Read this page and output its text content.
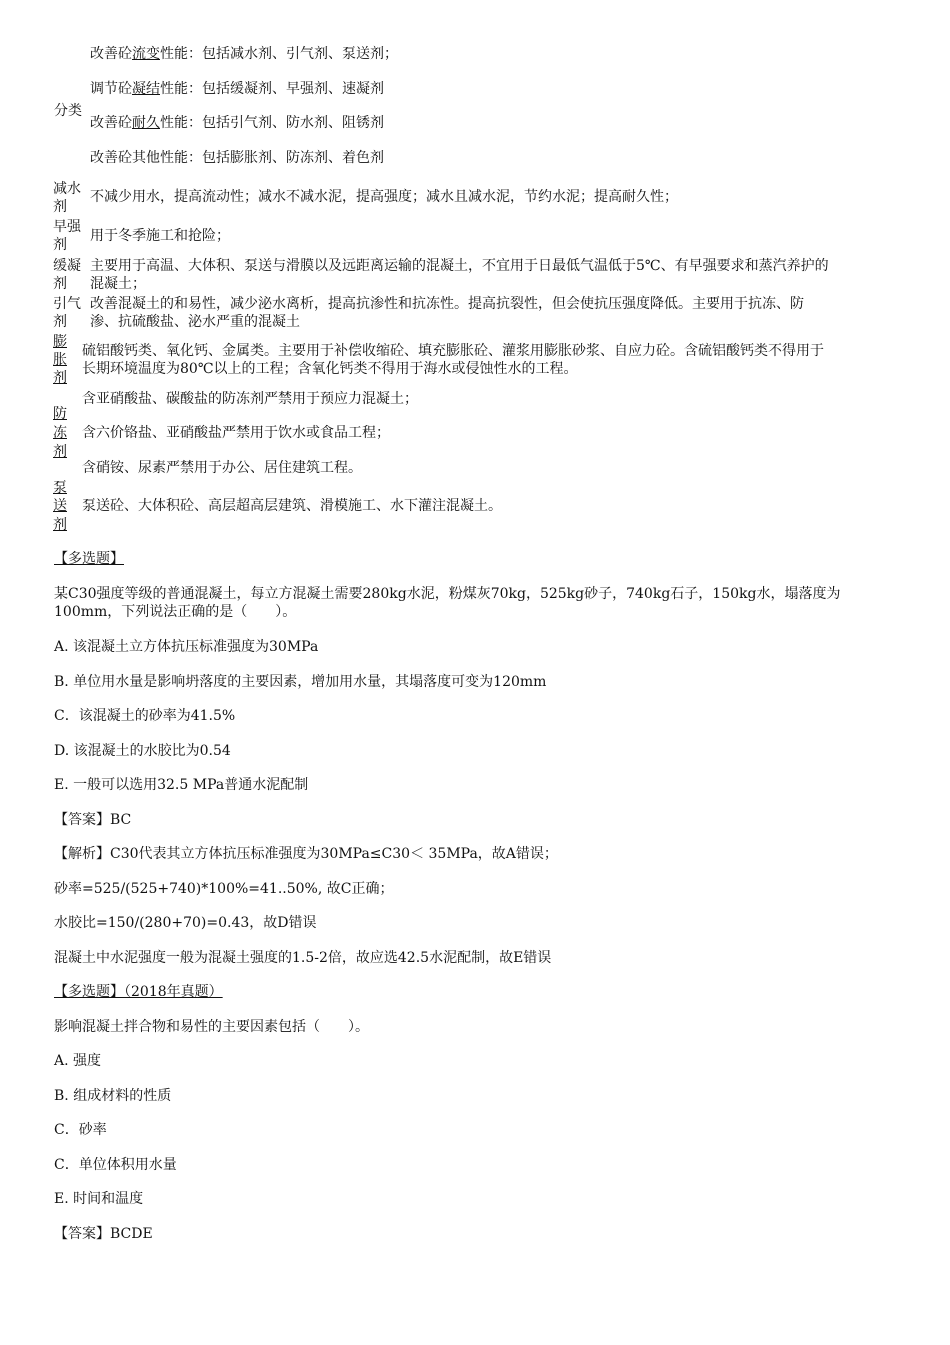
分类
改善砼流变性能：包括减水剂、引气剂、泵送剂；
调节砼凝结性能：包括缓凝剂、早强剂、速凝剂
改善砼耐久性能：包括引气剂、防水剂、阻锈剂
改善砼其他性能：包括膨胀剂、防冻剂、着色剂
减水
剂
不减少用水，提高流动性；减水不减水泥，提高强度；减水且减水泥，节约水泥；提高耐久性；
早强
剂
用于冬季施工和抢险；
缓凝
剂
主要用于高温、大体积、泵送与滑膜以及远距离运输的混凝土，不宜用于日最低气温低于5℃、有早强要求和蒸汽养护的
混凝土；
引气
剂
改善混凝土的和易性，减少泌水离析，提高抗渗性和抗冻性。提高抗裂性，但会使抗压强度降低。主要用于抗冻、防
渗、抗硫酸盐、泌水严重的混凝土
膨
胀
剂
硫铝酸钙类、氧化钙、金属类。主要用于补偿收缩砼、填充膨胀砼、灌浆用膨胀砂浆、自应力砼。含硫铝酸钙类不得用于
长期环境温度为80℃以上的工程；含氧化钙类不得用于海水或侵蚀性水的工程。
防
冻
剂
含亚硝酸盐、碳酸盐的防冻剂严禁用于预应力混凝土；
含六价铬盐、亚硝酸盐严禁用于饮水或食品工程；
含硝铵、尿素严禁用于办公、居住建筑工程。
泵
送
剂
泵送砼、大体积砼、高层超高层建筑、滑模施工、水下灌注混凝土。
【多选题】
某C30强度等级的普通混凝土，每立方混凝土需要280kg水泥，粉煤灰70kg，525kg砂子，740kg石子，150kg水，塌落度为
100mm，下列说法正确的是（　　）。
A. 该混凝土立方体抗压标准强度为30MPa
B. 单位用水量是影响坍落度的主要因素，增加用水量，其塌落度可变为120mm
C．该混凝土的砂率为41.5%
D. 该混凝土的水胶比为0.54
E. 一般可以选用32.5 MPa普通水泥配制
【答案】BC
【解析】C30代表其立方体抗压标准强度为30MPa≤C30＜ 35MPa，故A错误；
砂率=525/(525+740)*100%=41..50%, 故C正确；
水胶比=150/(280+70)=0.43，故D错误
混凝土中水泥强度一般为混凝土强度的1.5-2倍，故应选42.5水泥配制，故E错误
【多选题】（2018年真题）
影响混凝土拌合物和易性的主要因素包括（　　）。
A. 强度
B. 组成材料的性质
C．砂率
C．单位体积用水量
E. 时间和温度
【答案】BCDE
